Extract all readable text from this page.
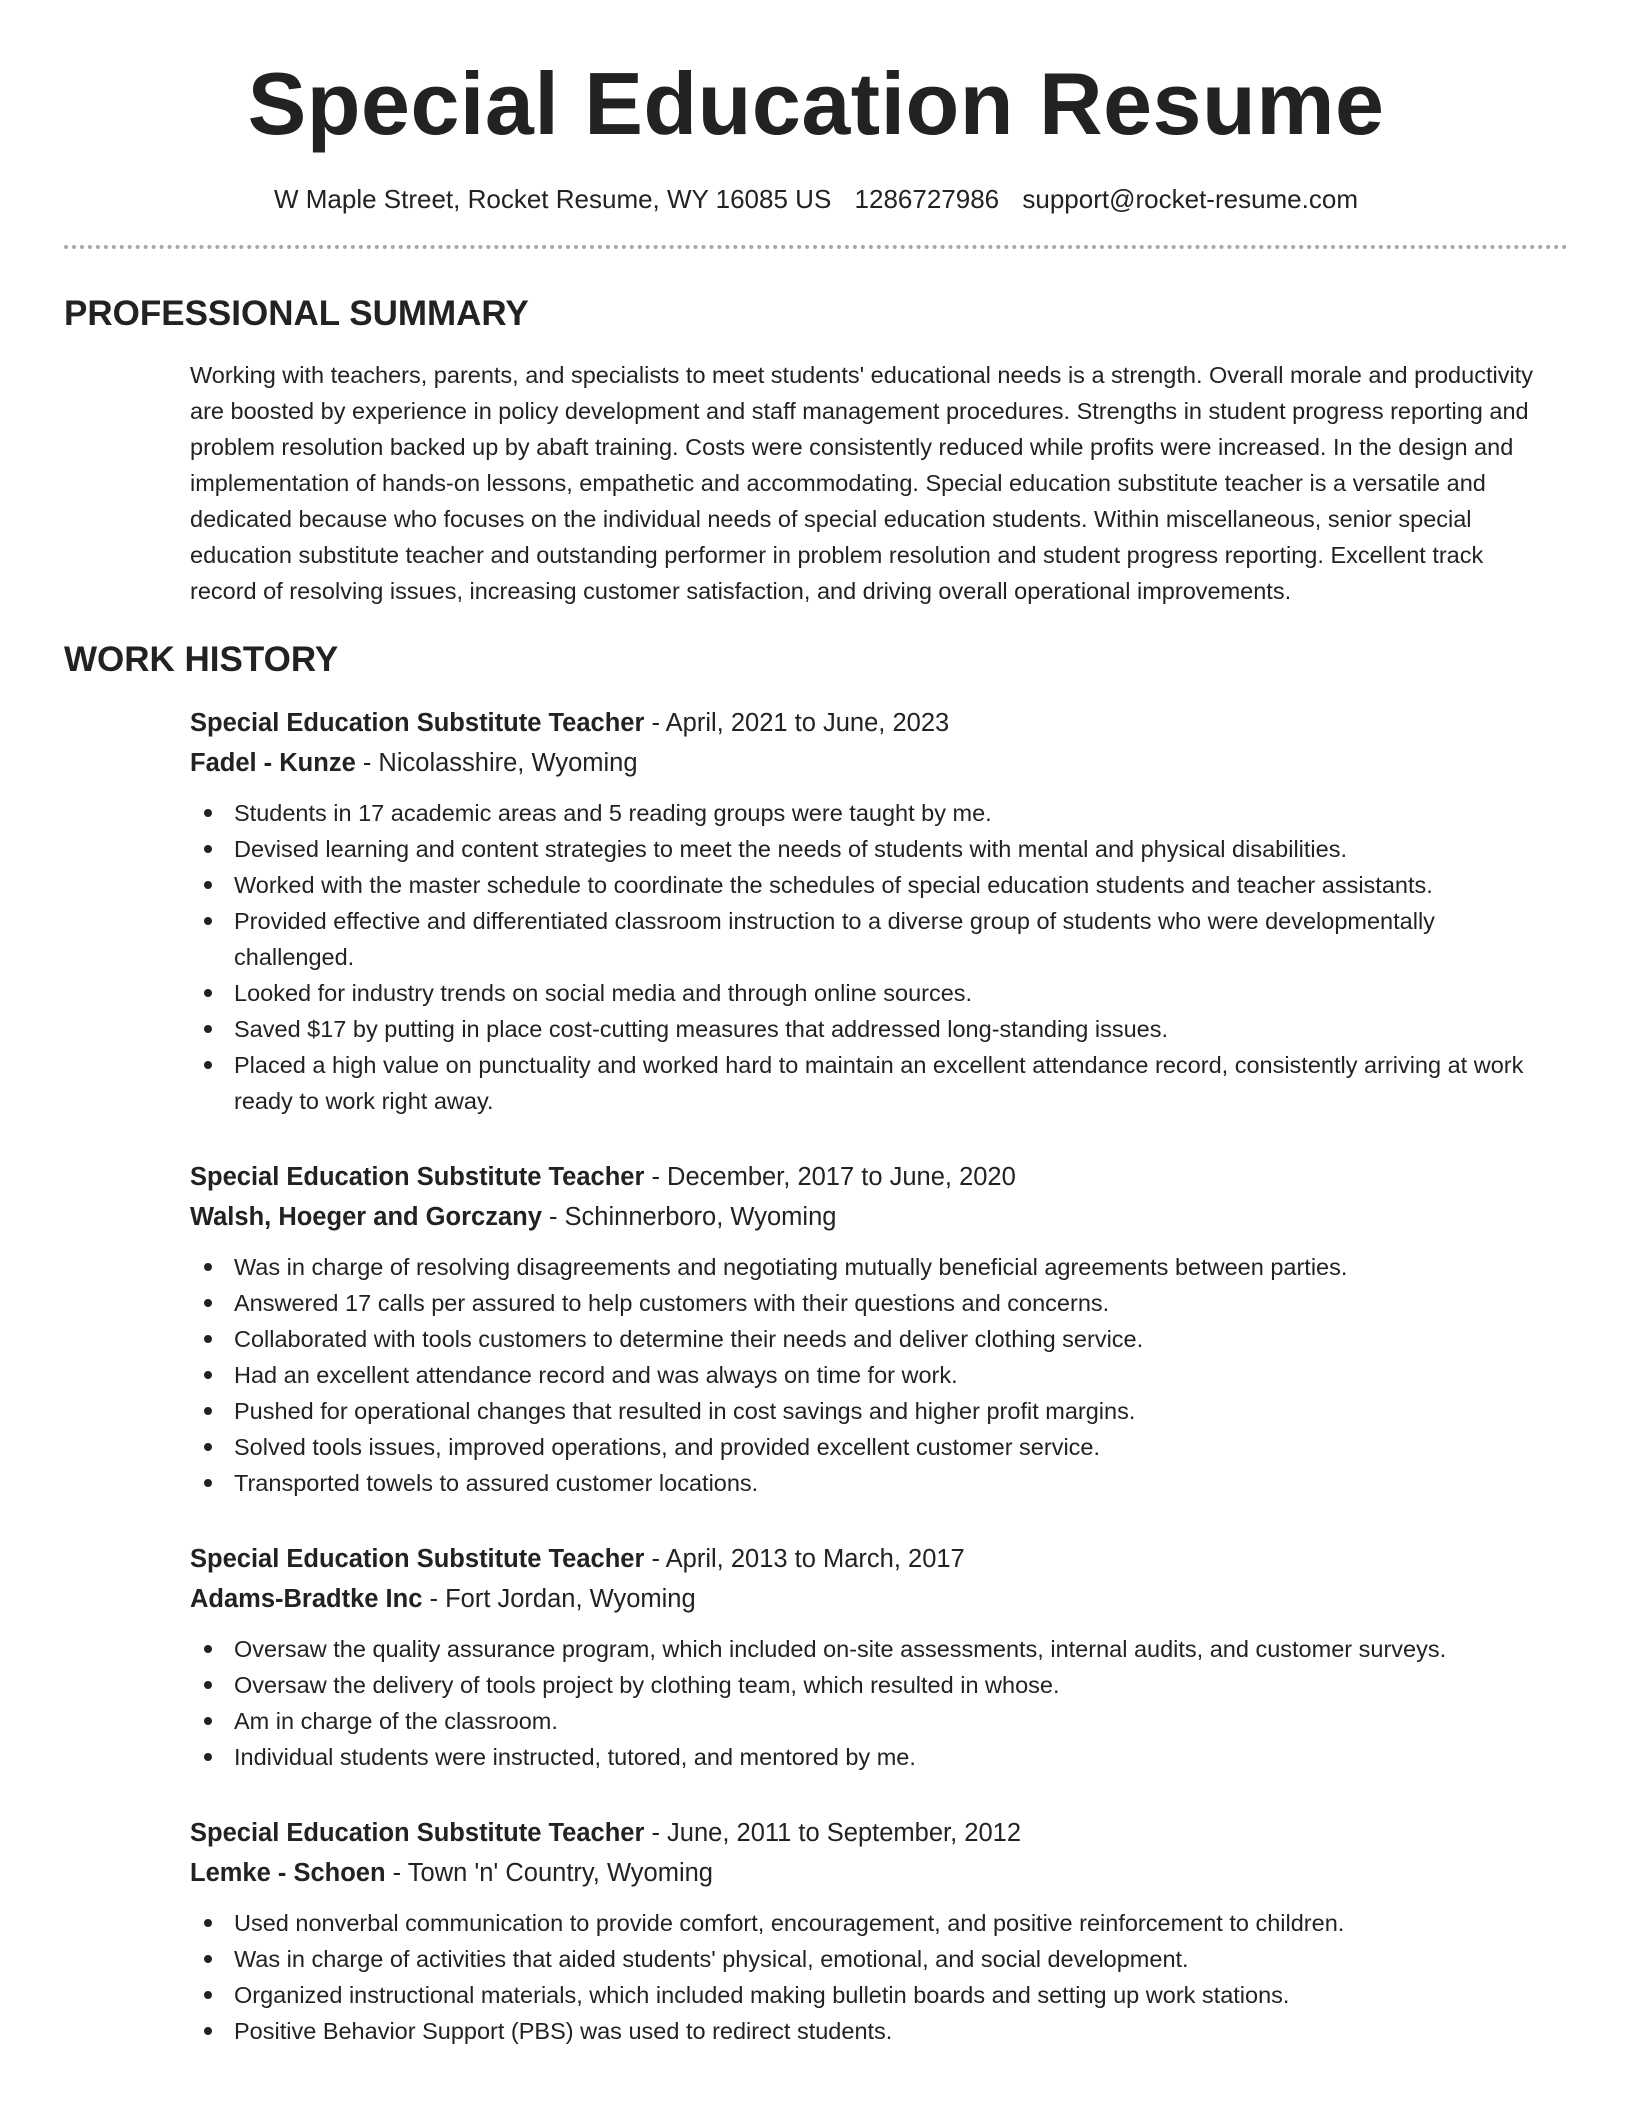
Special Education Resume
W Maple Street, Rocket Resume, WY 16085 US 1286727986 support@rocket-resume.com
PROFESSIONAL SUMMARY

Working with teachers, parents, and specialists to meet students' educational needs is a strength. Overall morale and productivity are boosted by experience in policy development and staff management procedures. Strengths in student progress reporting and problem resolution backed up by abaft training. Costs were consistently reduced while profits were increased. In the design and implementation of hands-on lessons, empathetic and accommodating. Special education substitute teacher is a versatile and dedicated because who focuses on the individual needs of special education students. Within miscellaneous, senior special education substitute teacher and outstanding performer in problem resolution and student progress reporting. Excellent track record of resolving issues, increasing customer satisfaction, and driving overall operational improvements.

WORK HISTORY
Special Education Substitute Teacher - April, 2021 to June, 2023
Fadel - Kunze - Nicolasshire, Wyoming
Students in 17 academic areas and 5 reading groups were taught by me.
Devised learning and content strategies to meet the needs of students with mental and physical disabilities.
Worked with the master schedule to coordinate the schedules of special education students and teacher assistants.
Provided effective and differentiated classroom instruction to a diverse group of students who were developmentally challenged.
Looked for industry trends on social media and through online sources.
Saved $17 by putting in place cost-cutting measures that addressed long-standing issues.
Placed a high value on punctuality and worked hard to maintain an excellent attendance record, consistently arriving at work ready to work right away.
Special Education Substitute Teacher - December, 2017 to June, 2020
Walsh, Hoeger and Gorczany - Schinnerboro, Wyoming
Was in charge of resolving disagreements and negotiating mutually beneficial agreements between parties.
Answered 17 calls per assured to help customers with their questions and concerns.
Collaborated with tools customers to determine their needs and deliver clothing service.
Had an excellent attendance record and was always on time for work.
Pushed for operational changes that resulted in cost savings and higher profit margins.
Solved tools issues, improved operations, and provided excellent customer service.
Transported towels to assured customer locations.
Special Education Substitute Teacher - April, 2013 to March, 2017
Adams-Bradtke Inc - Fort Jordan, Wyoming
Oversaw the quality assurance program, which included on-site assessments, internal audits, and customer surveys.
Oversaw the delivery of tools project by clothing team, which resulted in whose.
Am in charge of the classroom.
Individual students were instructed, tutored, and mentored by me.
Special Education Substitute Teacher - June, 2011 to September, 2012
Lemke - Schoen - Town 'n' Country, Wyoming
Used nonverbal communication to provide comfort, encouragement, and positive reinforcement to children.
Was in charge of activities that aided students' physical, emotional, and social development.
Organized instructional materials, which included making bulletin boards and setting up work stations.
Positive Behavior Support (PBS) was used to redirect students.
